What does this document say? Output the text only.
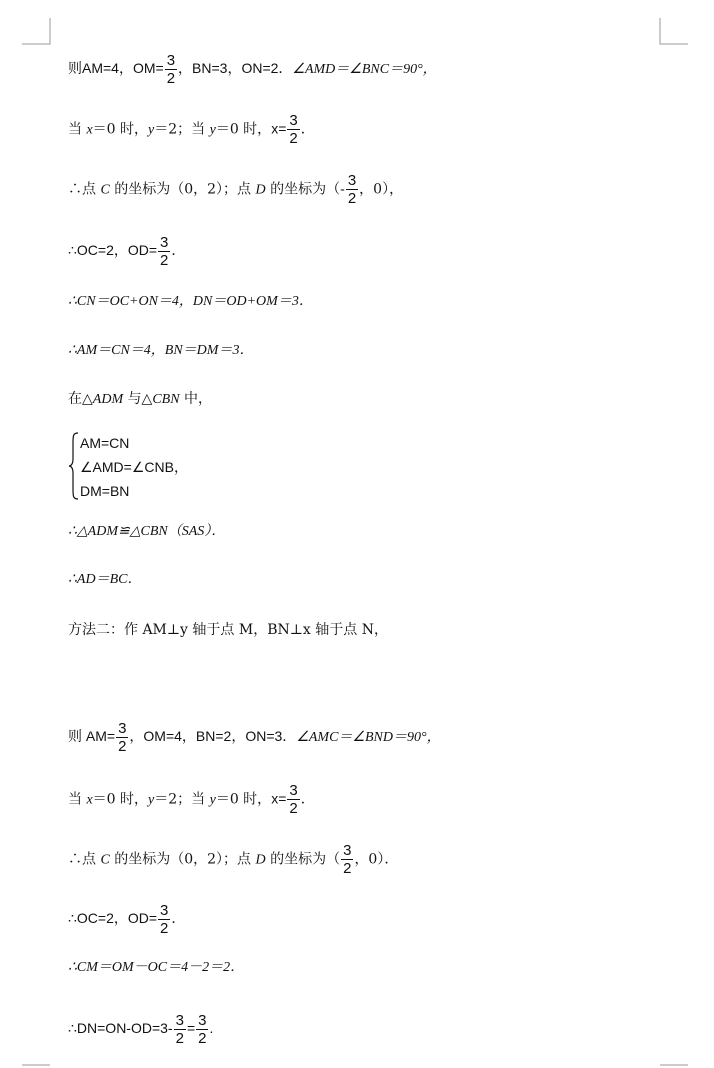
则AM=4，$OM= \frac{3}{2}$ ，BN=3，ON=2．∠AMD＝∠BNC＝90°，
当 x＝0 时，y＝2；当 y＝0 时，$x= \frac{3}{2}$ ．
∴点 C 的坐标为（0，2）；点 D 的坐标为（- $\frac{3}{2}$ ，0），
∴OC=2，$OD= \frac{3}{2}$ ．
∴CN＝OC+ON＝4，DN＝OD+OM＝3．
∴AM＝CN＝4，BN＝DM＝3．
在△ADM 与△CBN 中，
AM=CN
∠AMD=∠CNB，
DM=BN
∴△ADM≌△CBN（SAS）．
∴AD＝BC．
方法二：作 AM⊥y 轴于点 M，BN⊥x 轴于点 N，
则 $AM= \frac{3}{2}$ ，OM=4，BN=2，ON=3．∠AMC＝∠BND＝90°，
当 x＝0 时，y＝2；当 y＝0 时，$x= \frac{3}{2}$ ．
∴点 C 的坐标为（0，2）；点 D 的坐标为（ $\frac{3}{2}$ ，0）．
∴OC=2，$OD= \frac{3}{2}$ ．
∴CM＝OM－OC＝4－2＝2．
∴DN=ON-OD=3- $\frac{3}{2} = \frac{3}{2}$ .
